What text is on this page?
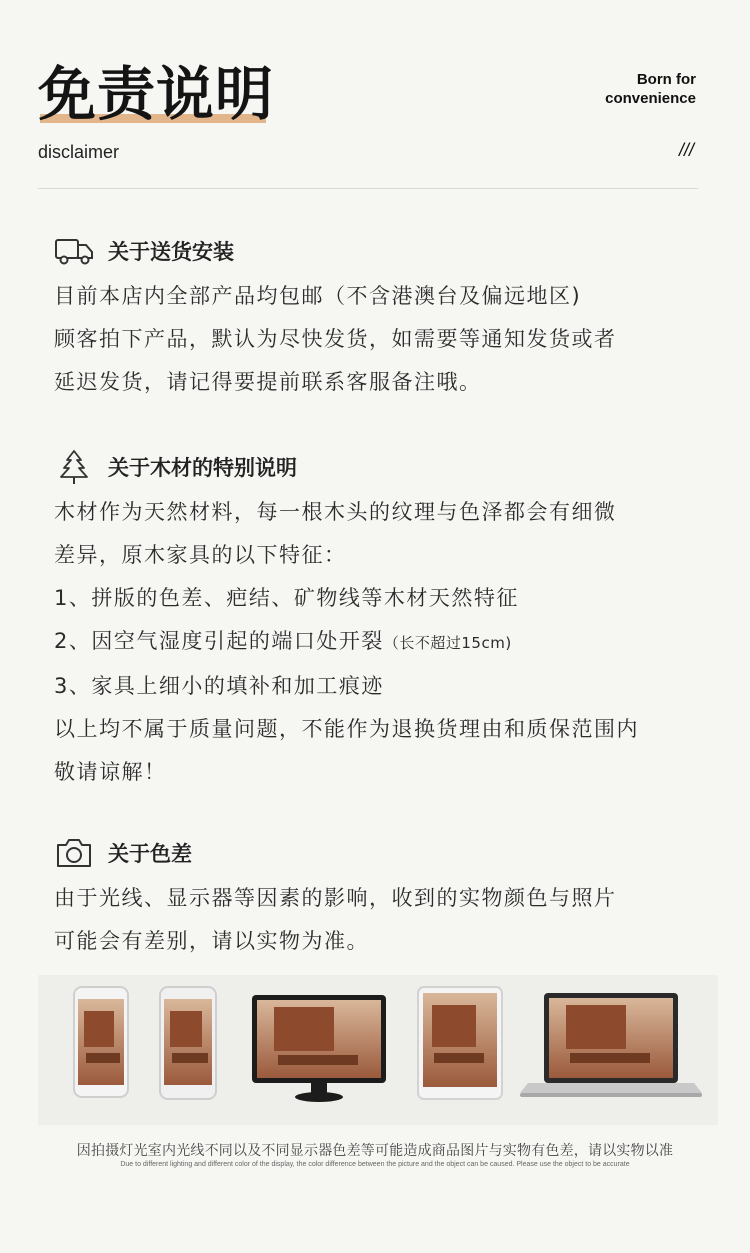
免责说明
disclaimer
Born for
convenience
///
关于送货安装
目前本店内全部产品均包邮（不含港澳台及偏远地区)
顾客拍下产品，默认为尽快发货，如需要等通知发货或者
延迟发货，请记得要提前联系客服备注哦。
关于木材的特别说明
木材作为天然材料，每一根木头的纹理与色泽都会有细微
差异，原木家具的以下特征：
1、拼版的色差、疤结、矿物线等木材天然特征
2、因空气湿度引起的端口处开裂（长不超过15cm)
3、家具上细小的填补和加工痕迹
以上均不属于质量问题，不能作为退换货理由和质保范围内
敬请谅解！
关于色差
由于光线、显示器等因素的影响，收到的实物颜色与照片
可能会有差别，请以实物为准。
因拍摄灯光室内光线不同以及不同显示器色差等可能造成商品图片与实物有色差，请以实物以准
Due to different lighting and different color of the display, the color difference between the picture and the object can be caused. Please use the object to be accurate
